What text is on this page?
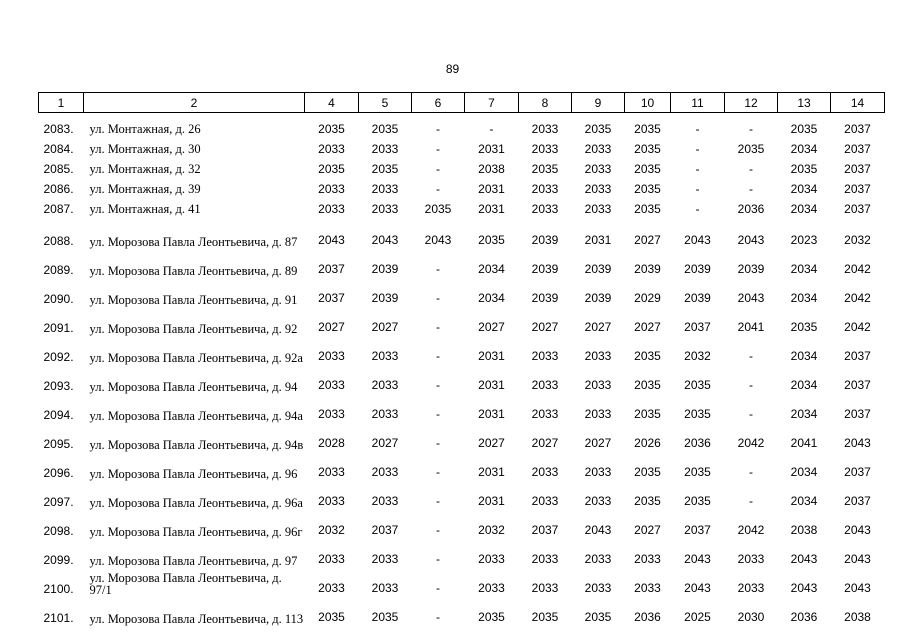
89
1	2	4	5	6	7	8	9	10	11	12	13	14

2083.	ул. Монтажная, д. 26	2035	2035	-	-	2033	2035	2035	-	-	2035	2037
2084.	ул. Монтажная, д. 30	2033	2033	-	2031	2033	2033	2035	-	2035	2034	2037
2085.	ул. Монтажная, д. 32	2035	2035	-	2038	2035	2033	2035	-	-	2035	2037
2086.	ул. Монтажная, д. 39	2033	2033	-	2031	2033	2033	2035	-	-	2034	2037
2087.	ул. Монтажная, д. 41	2033	2033	2035	2031	2033	2033	2035	-	2036	2034	2037
2088.	ул. Морозова Павла Леонтьевича, д. 87	2043	2043	2043	2035	2039	2031	2027	2043	2043	2023	2032
2089.	ул. Морозова Павла Леонтьевича, д. 89	2037	2039	-	2034	2039	2039	2039	2039	2039	2034	2042
2090.	ул. Морозова Павла Леонтьевича, д. 91	2037	2039	-	2034	2039	2039	2029	2039	2043	2034	2042
2091.	ул. Морозова Павла Леонтьевича, д. 92	2027	2027	-	2027	2027	2027	2027	2037	2041	2035	2042
2092.	ул. Морозова Павла Леонтьевича, д. 92а	2033	2033	-	2031	2033	2033	2035	2032	-	2034	2037
2093.	ул. Морозова Павла Леонтьевича, д. 94	2033	2033	-	2031	2033	2033	2035	2035	-	2034	2037
2094.	ул. Морозова Павла Леонтьевича, д. 94а	2033	2033	-	2031	2033	2033	2035	2035	-	2034	2037
2095.	ул. Морозова Павла Леонтьевича, д. 94в	2028	2027	-	2027	2027	2027	2026	2036	2042	2041	2043
2096.	ул. Морозова Павла Леонтьевича, д. 96	2033	2033	-	2031	2033	2033	2035	2035	-	2034	2037
2097.	ул. Морозова Павла Леонтьевича, д. 96а	2033	2033	-	2031	2033	2033	2035	2035	-	2034	2037
2098.	ул. Морозова Павла Леонтьевича, д. 96г	2032	2037	-	2032	2037	2043	2027	2037	2042	2038	2043
2099.	ул. Морозова Павла Леонтьевича, д. 97	2033	2033	-	2033	2033	2033	2033	2043	2033	2043	2043
2100.	ул. Морозова Павла Леонтьевича, д. 97/1	2033	2033	-	2033	2033	2033	2033	2043	2033	2043	2043
2101.	ул. Морозова Павла Леонтьевича, д. 113	2035	2035	-	2035	2035	2035	2036	2025	2030	2036	2038
